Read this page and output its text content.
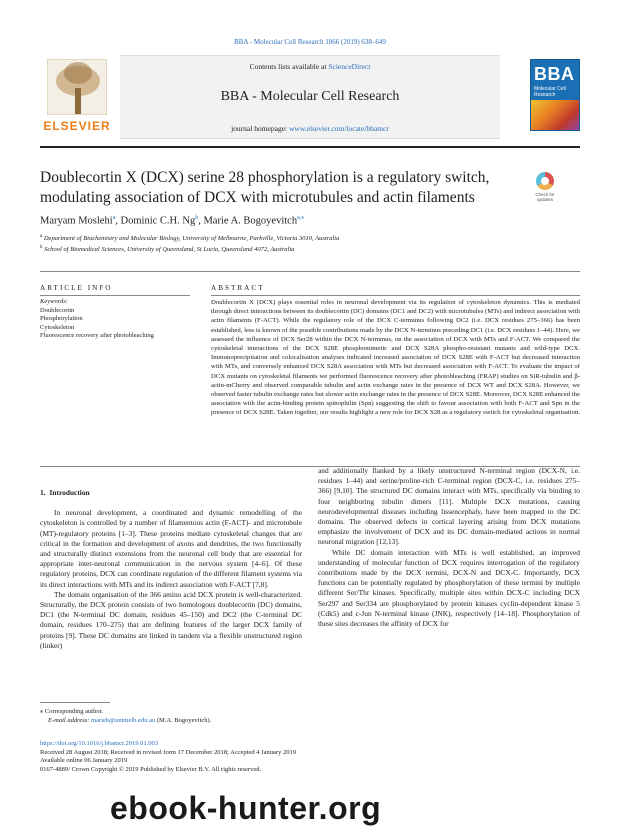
BBA - Molecular Cell Research 1866 (2019) 638–649
ELSEVIER
Contents lists available at ScienceDirect
BBA - Molecular Cell Research
journal homepage: www.elsevier.com/locate/bbamcr
BBA
Molecular Cell Research
Doublecortin X (DCX) serine 28 phosphorylation is a regulatory switch,
modulating association of DCX with microtubules and actin filaments	Check for updates
Maryam Moslehi$^a$, Dominic C.H. Ng$^b$, Marie A. Bogoyevitch$^{a,⁎}$
$^a$ Department of Biochemistry and Molecular Biology, University of Melbourne, Parkville, Victoria 3010, Australia
$^b$ School of Biomedical Sciences, University of Queensland, St Lucia, Queensland 4072, Australia
ARTICLE INFO	ABSTRACT
Keywords:
Doublecortin
Phosphorylation
Cytoskeleton
Fluorescence recovery after photobleaching
Doublecortin X (DCX) plays essential roles in neuronal development via its regulation of cytoskeleton dynamics. This is mediated through direct interactions between its doublecortin (DC) domains (DC1 and DC2) with microtubules (MTs) and indirect association with actin filaments (F-ACT). While the regulatory role of the DCX C-terminus following DC2 (i.e. DCX residues 275–366) has been established, less is known of the possible contributions made by the DCX N-terminus preceding DC1 (i.e. DCX residues 1–44). Here, we assessed the influence of DCX Ser28 within the DCX N-terminus, on the association of DCX with MTs and F-ACT. We compared the cytoskeletal interactions of the DCX S28E phosphomimetic and DCX S28A phospho-resistant mutants and wild-type DCX. Immunoprecipitation and colocalisation analyses indicated increased association of DCX S28E with F-ACT but decreased interaction with MTs, and conversely enhanced DCX S28A association with MTs but decreased association with F-ACT. To evaluate the impact of DCX mutants on cytoskeletal filaments we performed fluorescence recovery after photobleaching (FRAP) studies on SiR-tubulin and β-actin-mCherry and observed comparable tubulin and actin exchange rates in the presence of DCX WT and DCX S28A. However, we observed faster tubulin exchange rates but slower actin exchange rates in the presence of DCX S28E. Moreover, DCX S28E enhanced the association with the actin-binding protein spinophilin (Spn) suggesting the shift to favour association with both F-ACT and Spn in the presence of DCX S28E. Taken together, our results highlight a new role for DCX S28 as a regulatory switch for cytoskeletal organisation.
1. Introduction

In neuronal development, a coordinated and dynamic remodelling of the cytoskeleton is controlled by a number of filamentous actin (F-ACT)- and microtubule (MT)-regulatory proteins [1–3]. These proteins mediate cytoskeletal changes that are critical in the formation and development of axons and dendrites, the two functionally and structurally distinct extensions from the neuronal cell body that are essential for appropriate inter-neuronal communication in the nervous system [4–6]. Of these regulatory proteins, DCX can coordinate regulation of the different filament systems via its direct interactions with MTs and its indirect association with F-ACT [7,8].

The domain organisation of the 366 amino acid DCX protein is well-characterized. Structurally, the DCX protein consists of two homologous doublecortin (DC) domains, DC1 (the N-terminal DC domain, residues 45–150) and DC2 (the C-terminal DC domain, residues 170–275) that are defining features of the larger DCX family of proteins [9]. These DC domains are linked in tandem via a flexible unstructured region (linker)

and additionally flanked by a likely unstructured N-terminal region (DCX-N, i.e. residues 1–44) and serine/proline-rich C-terminal region (DCX-C, i.e. residues 275–366) [9,10]. The structured DC domains interact with MTs, specifically via binding to four neighboring tubulin dimers [11]. Multiple DCX mutations, causing neurodevelopmental diseases including lissencephaly, have been mapped to the DC domains. The observed defects in cortical layering arising from DCX mutations emphasize the involvement of DCX and its DC domain-mediated actions in normal neuronal migration [12,13].

While DC domain interaction with MTs is well established, an improved understanding of molecular function of DCX requires interrogation of the regulatory contributions made by the DCX termini, DCX-N and DCX-C. Importantly, DCX functions can be potentially regulated by phosphorylation of these termini by multiple different Ser/Thr kinases. Specifically, multiple sites within DCX-C including DCX Ser297 and Ser334 are phosphorylated by protein kinases cyclin-dependent kinase 5 (Cdk5) and c-Jun N-terminal kinase (JNK), respectively [14–18]. Phosphorylation of these sites decreases the affinity of DCX for

⁎ Corresponding author.
E-mail address: marieb@unimelb.edu.au (M.A. Bogoyevitch).
https://doi.org/10.1016/j.bbamcr.2019.01.003
Received 28 August 2018; Received in revised form 17 December 2018; Accepted 4 January 2019
Available online 06 January 2019
0167-4889/ Crown Copyright © 2019 Published by Elsevier B.V. All rights reserved.
ebook-hunter.org
